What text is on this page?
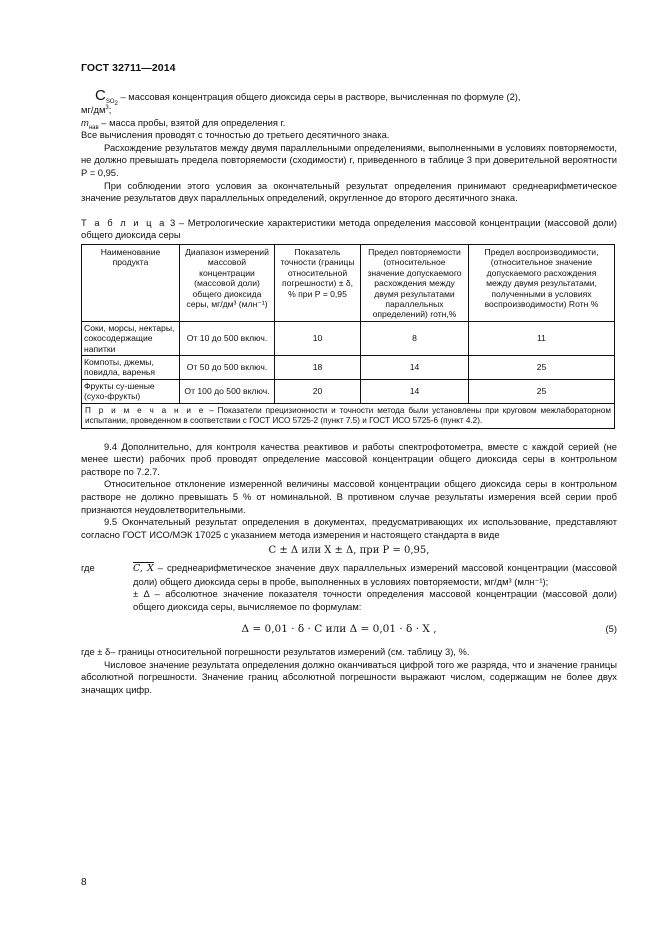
ГОСТ 32711—2014

$С_{SO_2}$ – массовая концентрация общего диоксида серы в растворе, вычисленная по формуле (2),
$мг/дм^3$;

$m_{нав}$ – масса пробы, взятой для определения г.

Все вычисления проводят с точностью до третьего десятичного знака.

Расхождение результатов между двумя параллельными определениями, выполненными в условиях повторяемости, не должно превышать предела повторяемости (сходимости) r, приведенного в таблице 3 при доверительной вероятности P = 0,95.

При соблюдении этого условия за окончательный результат определения принимают среднеарифметическое значение результатов двух параллельных определений, округленное до второго десятичного знака.

Т а б л и ц а 3 – Метрологические характеристики метода определения массовой концентрации (массовой доли) общего диоксида серы

Наименование продукта	Диапазон измерений массовой концентрации (массовой доли) общего диоксида серы, мг/дм³ (млн⁻¹)	Показатель точности (границы относительной погрешности) ± δ, % при P = 0,95	Предел повторяемости (относительное значение допускаемого расхождения между двумя результатами параллельных определений) rотн,%	Предел воспроизводимости, (относительное значение допускаемого расхождения между двумя результатами, полученными в условиях воспроизводимости) Rотн %

Соки, морсы, нектары, сокосодержащие напитки	От 10 до 500 включ.	10	8	11
Компоты, джемы, повидла, варенья	От 50 до 500 включ.	18	14	25
Фрукты су-шеные (сухо-фрукты)	От 100 до 500 включ.	20	14	25
П р и м е ч а н и е – Показатели прецизионности и точности метода были установлены при круговом межлабораторном испытании, проведенном в соответствии с ГОСТ ИСО 5725-2 (пункт 7.5) и ГОСТ ИСО 5725-6 (пункт 4.2).				

9.4 Дополнительно, для контроля качества реактивов и работы спектрофотометра, вместе с каждой серией (не менее шести) рабочих проб проводят определение массовой концентрации общего диоксида серы в контрольном растворе по 7.2.7.

Относительное отклонение измеренной величины массовой концентрации общего диоксида серы в контрольном растворе не должно превышать 5 % от номинальной. В противном случае результаты измерения всей серии проб признаются неудовлетворительными.

9.5 Окончательный результат определения в документах, предусматривающих их использование, представляют согласно ГОСТ ИСО/МЭК 17025 с указанием метода измерения и настоящего стандарта в виде

C ± Δ или X ± Δ, при P = 0,95,
где	C, X – среднеарифметическое значение двух параллельных измерений массовой концентрации (массовой доли) общего диоксида серы в пробе, выполненных в условиях повторяемости, мг/дм³ (млн⁻¹);
± Δ – абсолютное значение показателя точности определения массовой концентрации (массовой доли) общего диоксида серы, вычисляемое по формулам:
Δ = 0,01 · δ · C или Δ = 0,01 · δ · X ,	(5)

где ± δ– границы относительной погрешности результатов измерений (см. таблицу 3), %.

Числовое значение результата определения должно оканчиваться цифрой того же разряда, что и значение границы абсолютной погрешности. Значение границ абсолютной погрешности выражают числом, содержащим не более двух значащих цифр.

8
